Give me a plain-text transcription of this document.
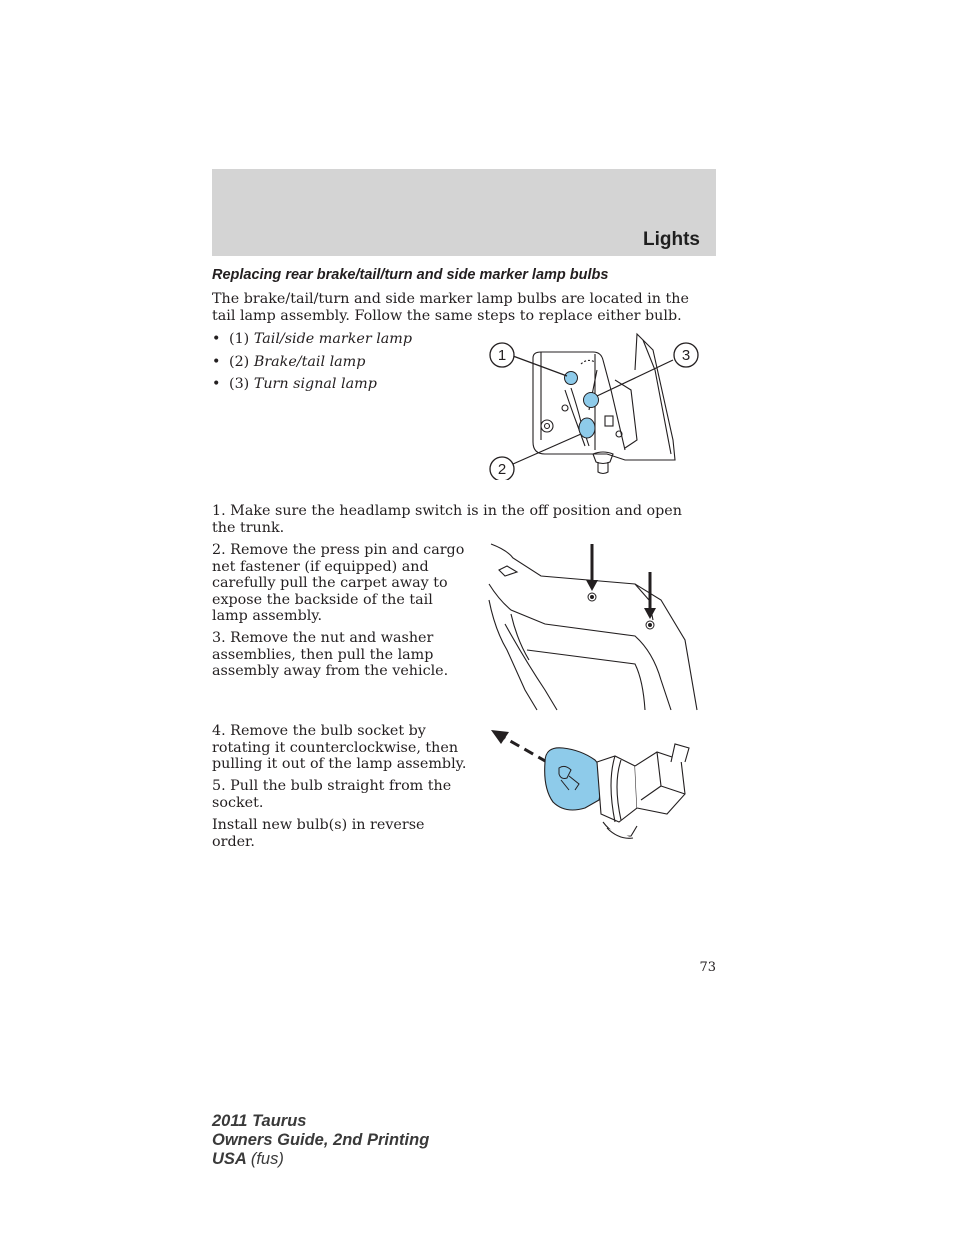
Lights
Replacing rear brake/tail/turn and side marker lamp bulbs

The brake/tail/turn and side marker lamp bulbs are located in the tail lamp assembly. Follow the same steps to replace either bulb.

• (1) Tail/side marker lamp
• (2) Brake/tail lamp
• (3) Turn signal lamp
1	3
2

1. Make sure the headlamp switch is in the off position and open the trunk.

2. Remove the press pin and cargo net fastener (if equipped) and carefully pull the carpet away to expose the backside of the tail lamp assembly.

3. Remove the nut and washer assemblies, then pull the lamp assembly away from the vehicle.

4. Remove the bulb socket by rotating it counterclockwise, then pulling it out of the lamp assembly.

5. Pull the bulb straight from the socket.

Install new bulb(s) in reverse order.

73
2011 Taurus
Owners Guide, 2nd Printing
USA (fus)
